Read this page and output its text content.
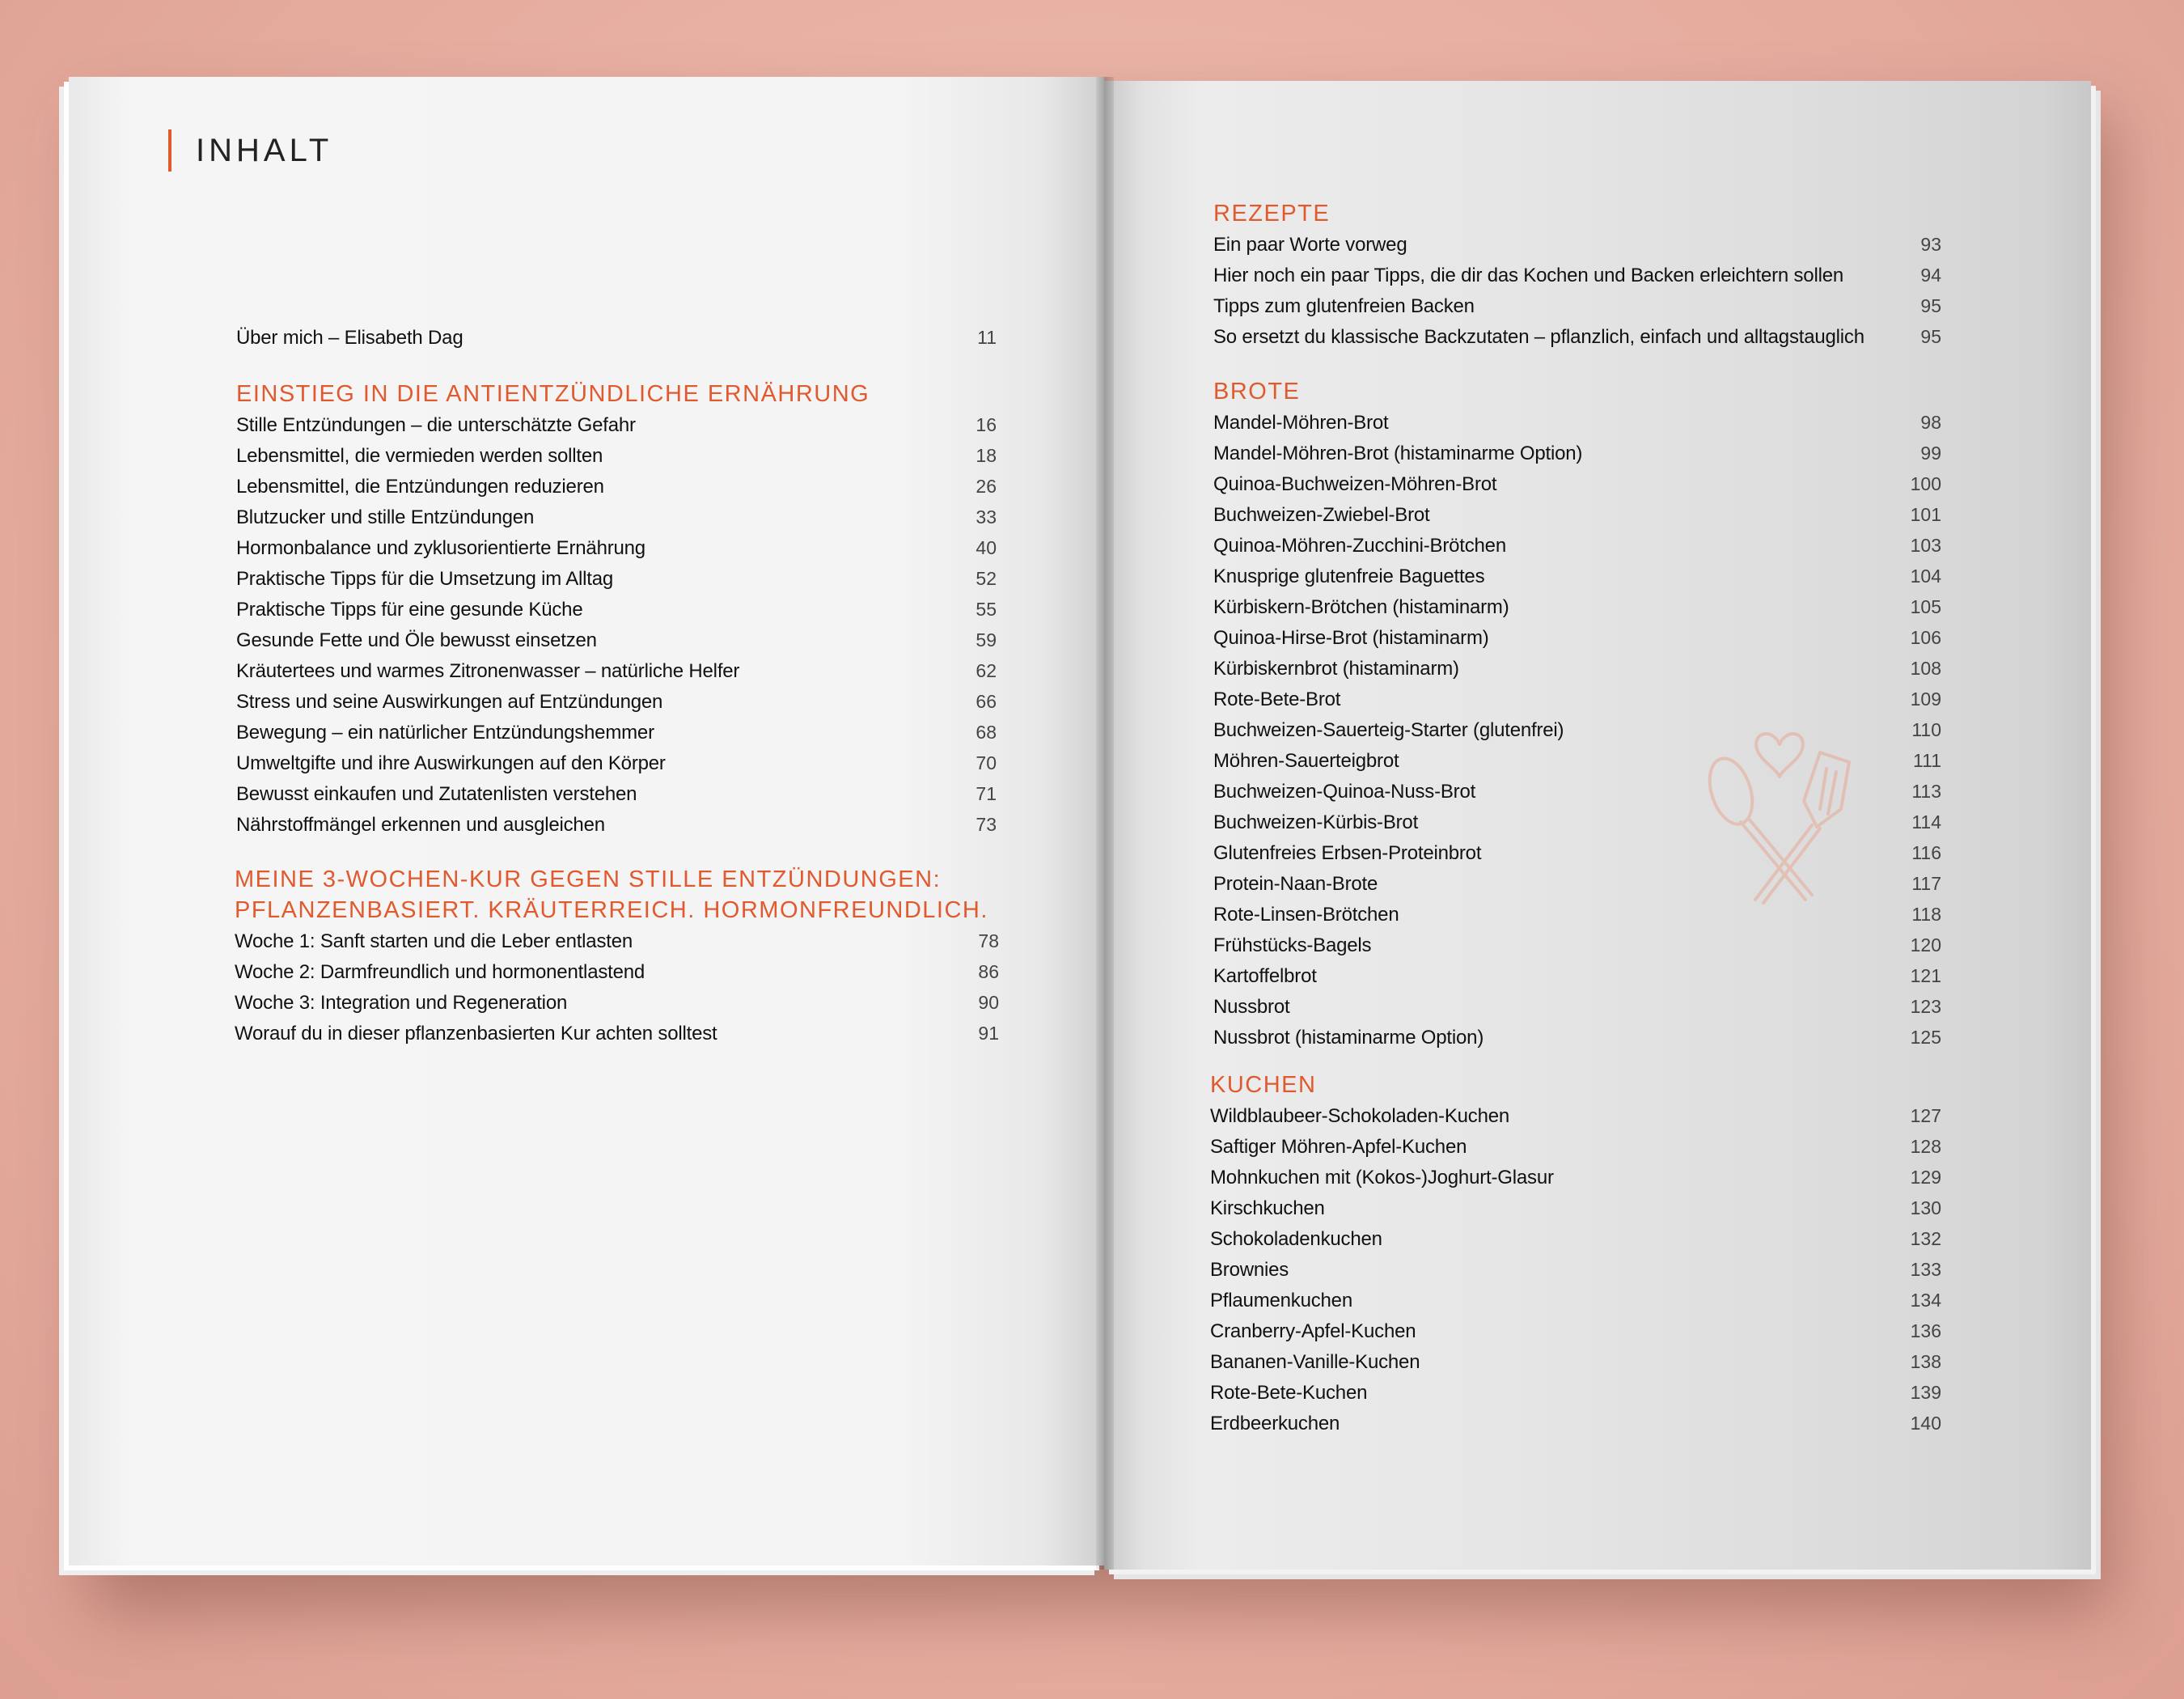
INHALT
Über mich – Elisabeth Dag	11
EINSTIEG IN DIE ANTIENTZÜNDLICHE ERNÄHRUNG
Stille Entzündungen – die unterschätzte Gefahr	16
Lebensmittel, die vermieden werden sollten	18
Lebensmittel, die Entzündungen reduzieren	26
Blutzucker und stille Entzündungen	33
Hormonbalance und zyklusorientierte Ernährung	40
Praktische Tipps für die Umsetzung im Alltag	52
Praktische Tipps für eine gesunde Küche	55
Gesunde Fette und Öle bewusst einsetzen	59
Kräutertees und warmes Zitronenwasser – natürliche Helfer	62
Stress und seine Auswirkungen auf Entzündungen	66
Bewegung – ein natürlicher Entzündungshemmer	68
Umweltgifte und ihre Auswirkungen auf den Körper	70
Bewusst einkaufen und Zutatenlisten verstehen	71
Nährstoffmängel erkennen und ausgleichen	73
MEINE 3-WOCHEN-KUR GEGEN STILLE ENTZÜNDUNGEN:
PFLANZENBASIERT. KRÄUTERREICH. HORMONFREUNDLICH.
Woche 1: Sanft starten und die Leber entlasten	78
Woche 2: Darmfreundlich und hormonentlastend	86
Woche 3: Integration und Regeneration	90
Worauf du in dieser pflanzenbasierten Kur achten solltest	91
REZEPTE
Ein paar Worte vorweg	93
Hier noch ein paar Tipps, die dir das Kochen und Backen erleichtern sollen	94
Tipps zum glutenfreien Backen	95
So ersetzt du klassische Backzutaten – pflanzlich, einfach und alltagstauglich	95
BROTE
Mandel-Möhren-Brot	98
Mandel-Möhren-Brot (histaminarme Option)	99
Quinoa-Buchweizen-Möhren-Brot	100
Buchweizen-Zwiebel-Brot	101
Quinoa-Möhren-Zucchini-Brötchen	103
Knusprige glutenfreie Baguettes	104
Kürbiskern-Brötchen (histaminarm)	105
Quinoa-Hirse-Brot (histaminarm)	106
Kürbiskernbrot (histaminarm)	108
Rote-Bete-Brot	109
Buchweizen-Sauerteig-Starter (glutenfrei)	110
Möhren-Sauerteigbrot	111
Buchweizen-Quinoa-Nuss-Brot	113
Buchweizen-Kürbis-Brot	114
Glutenfreies Erbsen-Proteinbrot	116
Protein-Naan-Brote	117
Rote-Linsen-Brötchen	118
Frühstücks-Bagels	120
Kartoffelbrot	121
Nussbrot	123
Nussbrot (histaminarme Option)	125
KUCHEN
Wildblaubeer-Schokoladen-Kuchen	127
Saftiger Möhren-Apfel-Kuchen	128
Mohnkuchen mit (Kokos-)Joghurt-Glasur	129
Kirschkuchen	130
Schokoladenkuchen	132
Brownies	133
Pflaumenkuchen	134
Cranberry-Apfel-Kuchen	136
Bananen-Vanille-Kuchen	138
Rote-Bete-Kuchen	139
Erdbeerkuchen	140
